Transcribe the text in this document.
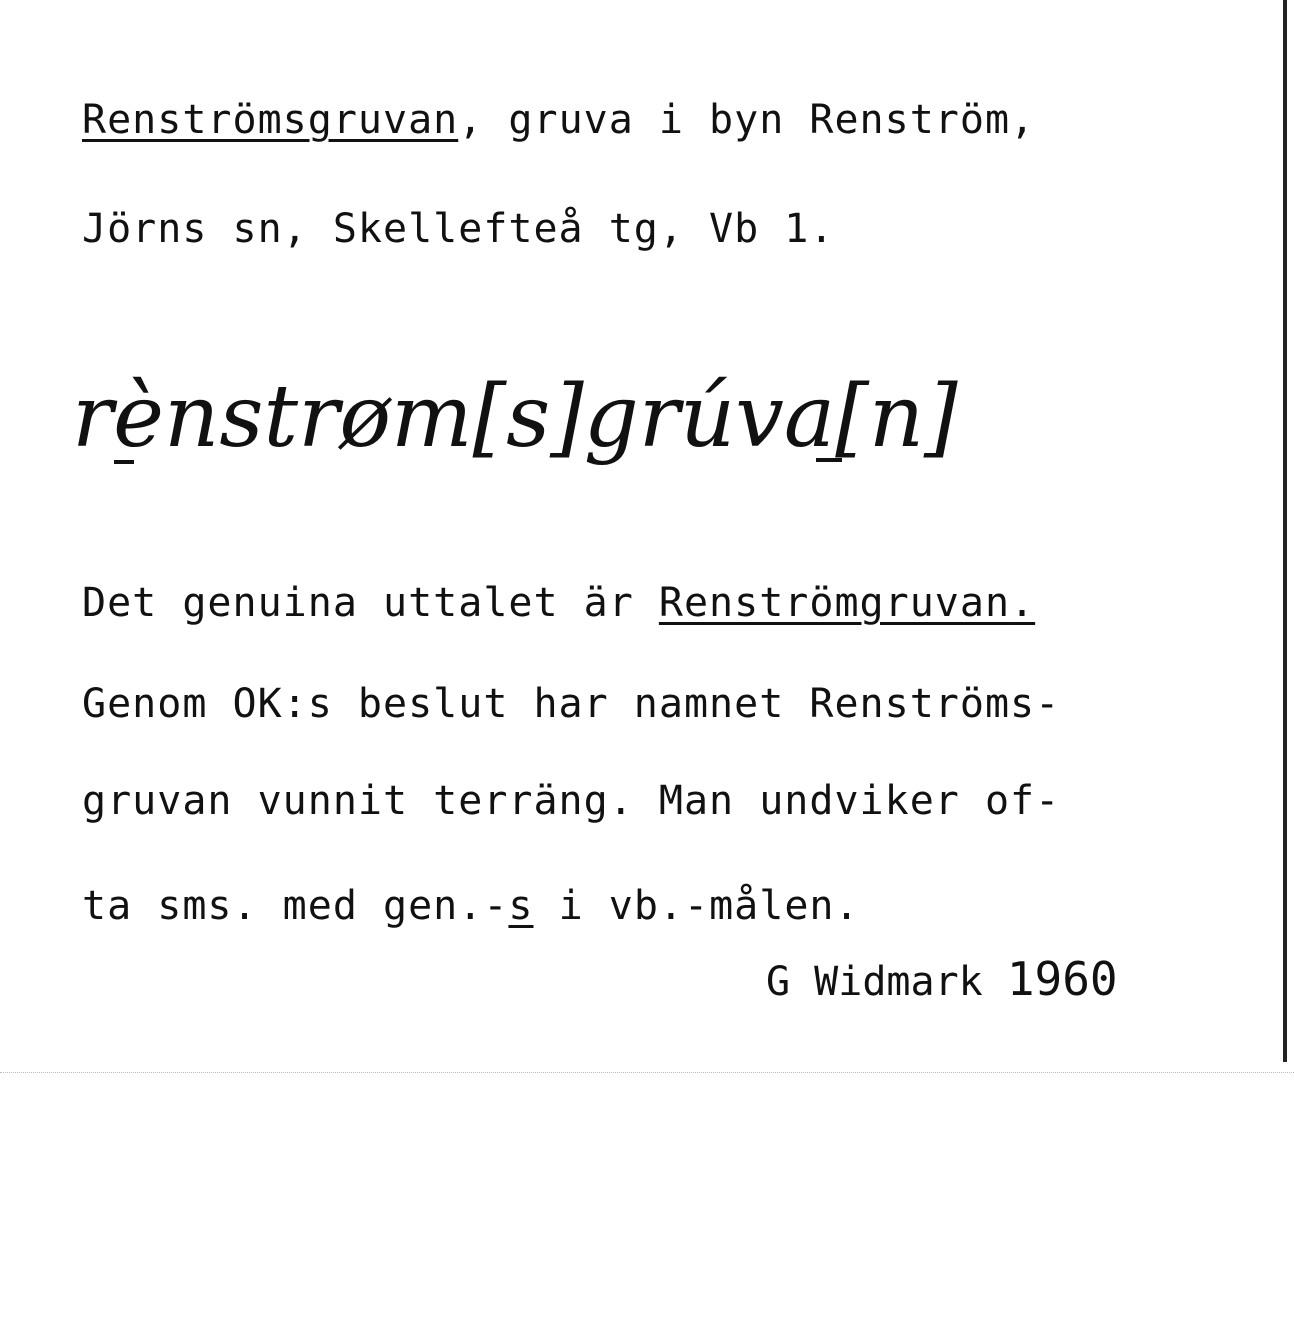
Renströmsgruvan, gruva i byn Renström,
Jörns sn, Skellefteå tg, Vb 1.
rènstrøm[s]grúva[n]
Det genuina uttalet är Renströmgruvan.
Genom OK:s beslut har namnet Renströms-
gruvan vunnit terräng. Man undviker of-
ta sms. med gen.-s i vb.-målen.
G Widmark 1960
